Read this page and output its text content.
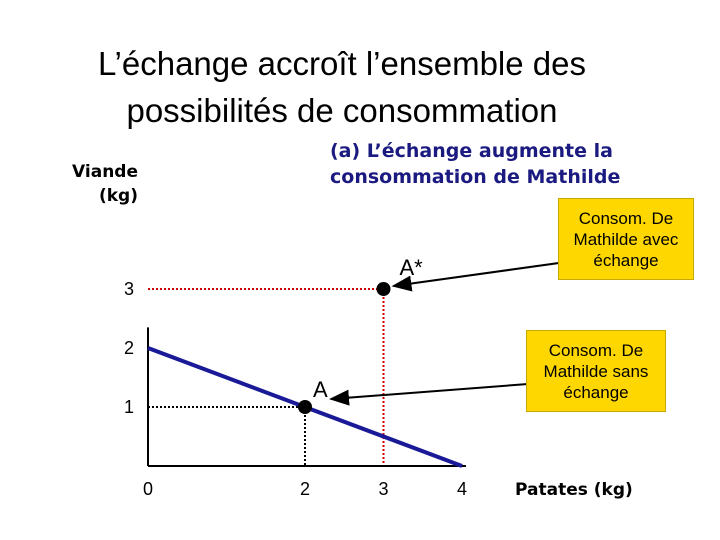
L’échange accroît l’ensemble des
possibilités de consommation
(a) L’échange augmente la
consommation de Mathilde
Viande
(kg)
Patates (kg)
A
A*
0	2	3	4
1
2
3
Consom. De
Mathilde avec
échange
Consom. De
Mathilde sans
échange
